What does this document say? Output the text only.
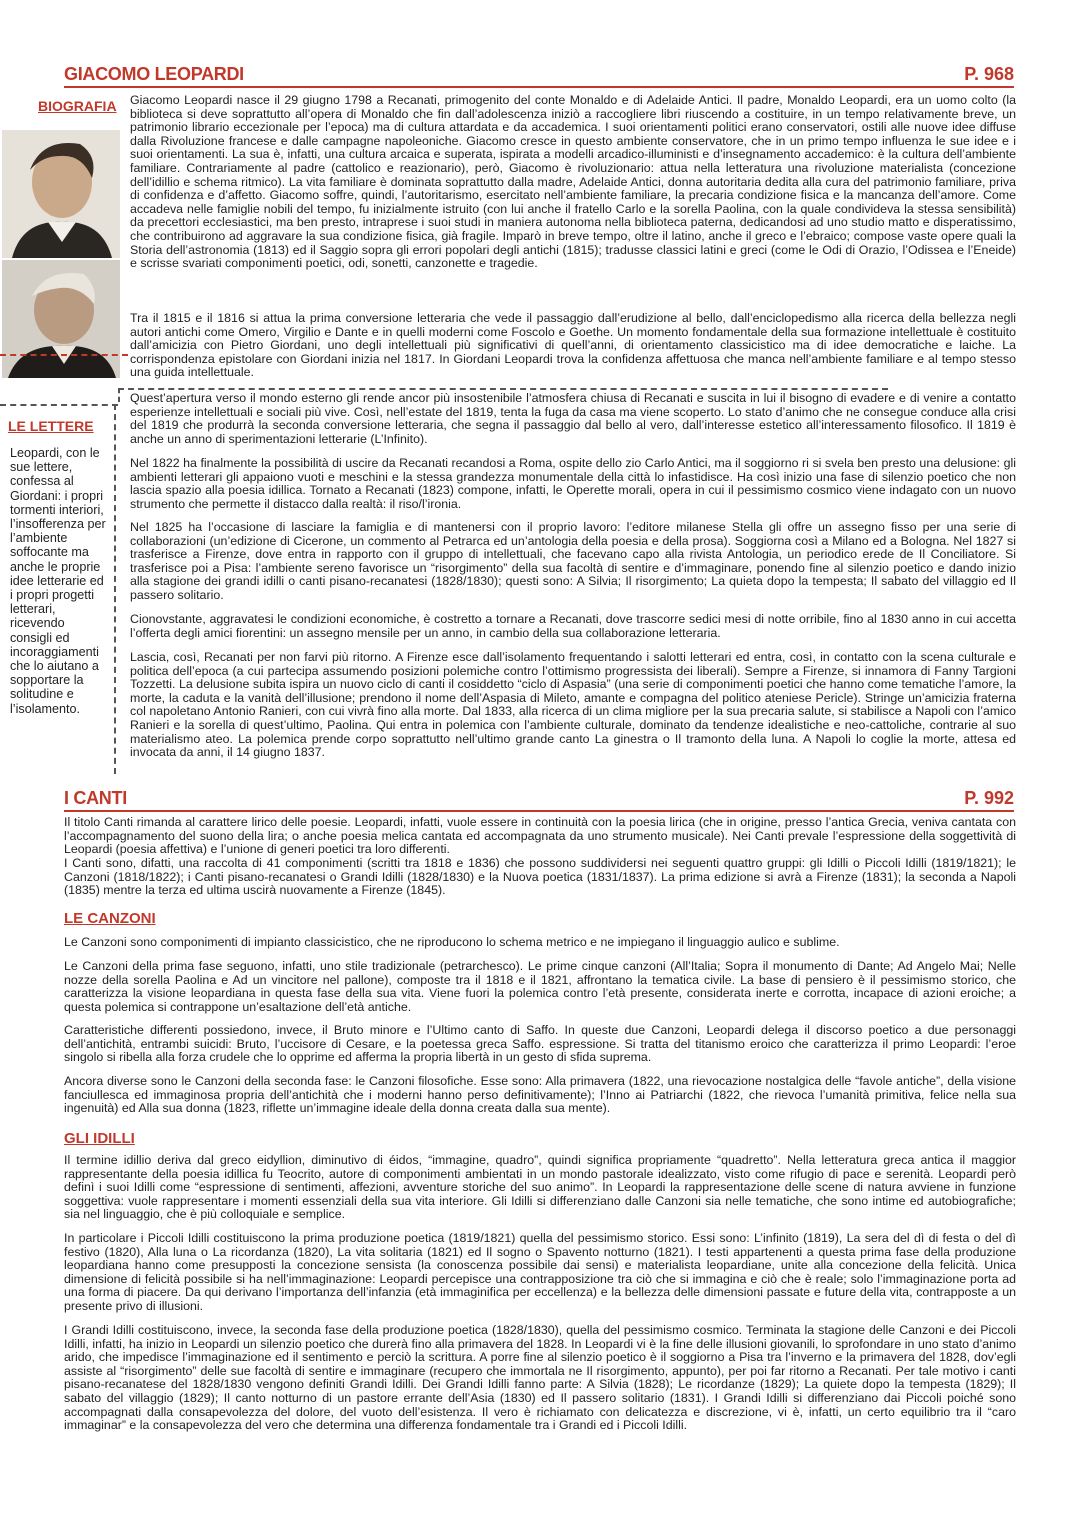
GIACOMO LEOPARDI	P. 968
BIOGRAFIA
LE LETTERE
Leopardi, con le sue lettere, confessa al Giordani: i propri tormenti interiori, l’insofferenza per l’ambiente soffocante ma anche le proprie idee letterarie ed i propri progetti letterari, ricevendo consigli ed incoraggiamenti che lo aiutano a sopportare la solitudine e l’isolamento.
Giacomo Leopardi nasce il 29 giugno 1798 a Recanati, primogenito del conte Monaldo e di Adelaide Antici. Il padre, Monaldo Leopardi, era un uomo colto (la biblioteca si deve soprattutto all’opera di Monaldo che fin dall’adolescenza iniziò a raccogliere libri riuscendo a costituire, in un tempo relativamente breve, un patrimonio librario eccezionale per l’epoca) ma di cultura attardata e da accademica. I suoi orientamenti politici erano conservatori, ostili alle nuove idee diffuse dalla Rivoluzione francese e dalle campagne napoleoniche. Giacomo cresce in questo ambiente conservatore, che in un primo tempo influenza le sue idee e i suoi orientamenti. La sua è, infatti, una cultura arcaica e superata, ispirata a modelli arcadico-illuministi e d’insegnamento accademico: è la cultura dell’ambiente familiare. Contrariamente al padre (cattolico e reazionario), però, Giacomo è rivoluzionario: attua nella letteratura una rivoluzione materialista (concezione dell’idillio e schema ritmico). La vita familiare è dominata soprattutto dalla madre, Adelaide Antici, donna autoritaria dedita alla cura del patrimonio familiare, priva di confidenza e d’affetto. Giacomo soffre, quindi, l’autoritarismo, esercitato nell’ambiente familiare, la precaria condizione fisica e la mancanza dell’amore. Come accadeva nelle famiglie nobili del tempo, fu inizialmente istruito (con lui anche il fratello Carlo e la sorella Paolina, con la quale condivideva la stessa sensibilità) da precettori ecclesiastici, ma ben presto, intraprese i suoi studi in maniera autonoma nella biblioteca paterna, dedicandosi ad uno studio matto e disperatissimo, che contribuirono ad aggravare la sua condizione fisica, già fragile. Imparò in breve tempo, oltre il latino, anche il greco e l’ebraico; compose vaste opere quali la Storia dell’astronomia (1813) ed il Saggio sopra gli errori popolari degli antichi (1815); tradusse classici latini e greci (come le Odi di Orazio, l’Odissea e l’Eneide) e scrisse svariati componimenti poetici, odi, sonetti, canzonette e tragedie.
Tra il 1815 e il 1816 si attua la prima conversione letteraria che vede il passaggio dall’erudizione al bello, dall’enciclopedismo alla ricerca della bellezza negli autori antichi come Omero, Virgilio e Dante e in quelli moderni come Foscolo e Goethe. Un momento fondamentale della sua formazione intellettuale è costituito dall’amicizia con Pietro Giordani, uno degli intellettuali più significativi di quell’anni, di orientamento classicistico ma di idee democratiche e laiche. La corrispondenza epistolare con Giordani inizia nel 1817. In Giordani Leopardi trova la confidenza affettuosa che manca nell’ambiente familiare e al tempo stesso una guida intellettuale.
Quest’apertura verso il mondo esterno gli rende ancor più insostenibile l’atmosfera chiusa di Recanati e suscita in lui il bisogno di evadere e di venire a contatto esperienze intellettuali e sociali più vive. Così, nell’estate del 1819, tenta la fuga da casa ma viene scoperto. Lo stato d’animo che ne consegue conduce alla crisi del 1819 che produrrà la seconda conversione letteraria, che segna il passaggio dal bello al vero, dall’interesse estetico all’interessamento filosofico. Il 1819 è anche un anno di sperimentazioni letterarie (L’Infinito).
Nel 1822 ha finalmente la possibilità di uscire da Recanati recandosi a Roma, ospite dello zio Carlo Antici, ma il soggiorno ri si svela ben presto una delusione: gli ambienti letterari gli appaiono vuoti e meschini e la stessa grandezza monumentale della città lo infastidisce. Ha così inizio una fase di silenzio poetico che non lascia spazio alla poesia idillica. Tornato a Recanati (1823) compone, infatti, le Operette morali, opera in cui il pessimismo cosmico viene indagato con un nuovo strumento che permette il distacco dalla realtà: il riso/l’ironia.
Nel 1825 ha l’occasione di lasciare la famiglia e di mantenersi con il proprio lavoro: l’editore milanese Stella gli offre un assegno fisso per una serie di collaborazioni (un’edizione di Cicerone, un commento al Petrarca ed un’antologia della poesia e della prosa). Soggiorna così a Milano ed a Bologna. Nel 1827 si trasferisce a Firenze, dove entra in rapporto con il gruppo di intellettuali, che facevano capo alla rivista Antologia, un periodico erede de Il Conciliatore. Si trasferisce poi a Pisa: l’ambiente sereno favorisce un “risorgimento” della sua facoltà di sentire e d’immaginare, ponendo fine al silenzio poetico e dando inizio alla stagione dei grandi idilli o canti pisano-recanatesi (1828/1830); questi sono: A Silvia; Il risorgimento; La quieta dopo la tempesta; Il sabato del villaggio ed Il passero solitario.
Cionovstante, aggravatesi le condizioni economiche, è costretto a tornare a Recanati, dove trascorre sedici mesi di notte orribile, fino al 1830 anno in cui accetta l’offerta degli amici fiorentini: un assegno mensile per un anno, in cambio della sua collaborazione letteraria.
Lascia, così, Recanati per non farvi più ritorno. A Firenze esce dall’isolamento frequentando i salotti letterari ed entra, così, in contatto con la scena culturale e politica dell’epoca (a cui partecipa assumendo posizioni polemiche contro l’ottimismo progressista dei liberali). Sempre a Firenze, si innamora di Fanny Targioni Tozzetti. La delusione subita ispira un nuovo ciclo di canti il cosiddetto “ciclo di Aspasia” (una serie di componimenti poetici che hanno come tematiche l’amore, la morte, la caduta e la vanità dell’illusione; prendono il nome dell’Aspasia di Mileto, amante e compagna del politico ateniese Pericle). Stringe un’amicizia fraterna col napoletano Antonio Ranieri, con cui vivrà fino alla morte. Dal 1833, alla ricerca di un clima migliore per la sua precaria salute, si stabilisce a Napoli con l’amico Ranieri e la sorella di quest’ultimo, Paolina. Qui entra in polemica con l’ambiente culturale, dominato da tendenze idealistiche e neo-cattoliche, contrarie al suo materialismo ateo. La polemica prende corpo soprattutto nell’ultimo grande canto La ginestra o Il tramonto della luna. A Napoli lo coglie la morte, attesa ed invocata da anni, il 14 giugno 1837.
I CANTI	P. 992
Il titolo Canti rimanda al carattere lirico delle poesie. Leopardi, infatti, vuole essere in continuità con la poesia lirica (che in origine, presso l’antica Grecia, veniva cantata con l’accompagnamento del suono della lira; o anche poesia melica cantata ed accompagnata da uno strumento musicale). Nei Canti prevale l’espressione della soggettività di Leopardi (poesia affettiva) e l’unione di generi poetici tra loro differenti.
I Canti sono, difatti, una raccolta di 41 componimenti (scritti tra 1818 e 1836) che possono suddividersi nei seguenti quattro gruppi: gli Idilli o Piccoli Idilli (1819/1821); le Canzoni (1818/1822); i Canti pisano-recanatesi o Grandi Idilli (1828/1830) e la Nuova poetica (1831/1837). La prima edizione si avrà a Firenze (1831); la seconda a Napoli (1835) mentre la terza ed ultima uscirà nuovamente a Firenze (1845).
LE CANZONI
Le Canzoni sono componimenti di impianto classicistico, che ne riproducono lo schema metrico e ne impiegano il linguaggio aulico e sublime.
Le Canzoni della prima fase seguono, infatti, uno stile tradizionale (petrarchesco). Le prime cinque canzoni (All’Italia; Sopra il monumento di Dante; Ad Angelo Mai; Nelle nozze della sorella Paolina e Ad un vincitore nel pallone), composte tra il 1818 e il 1821, affrontano la tematica civile. La base di pensiero è il pessimismo storico, che caratterizza la visione leopardiana in questa fase della sua vita. Viene fuori la polemica contro l’età presente, considerata inerte e corrotta, incapace di azioni eroiche; a questa polemica si contrappone un’esaltazione dell’età antiche.
Caratteristiche differenti possiedono, invece, il Bruto minore e l’Ultimo canto di Saffo. In queste due Canzoni, Leopardi delega il discorso poetico a due personaggi dell’antichità, entrambi suicidi: Bruto, l’uccisore di Cesare, e la poetessa greca Saffo. espressione. Si tratta del titanismo eroico che caratterizza il primo Leopardi: l’eroe singolo si ribella alla forza crudele che lo opprime ed afferma la propria libertà in un gesto di sfida suprema.
Ancora diverse sono le Canzoni della seconda fase: le Canzoni filosofiche. Esse sono: Alla primavera (1822, una rievocazione nostalgica delle “favole antiche”, della visione fanciullesca ed immaginosa propria dell’antichità che i moderni hanno perso definitivamente); l’Inno ai Patriarchi (1822, che rievoca l’umanità primitiva, felice nella sua ingenuità) ed Alla sua donna (1823, riflette un’immagine ideale della donna creata dalla sua mente).
GLI IDILLI
Il termine idillio deriva dal greco eidyllion, diminutivo di éidos, “immagine, quadro”, quindi significa propriamente “quadretto”. Nella letteratura greca antica il maggior rappresentante della poesia idillica fu Teocrito, autore di componimenti ambientati in un mondo pastorale idealizzato, visto come rifugio di pace e serenità. Leopardi però definì i suoi Idilli come “espressione di sentimenti, affezioni, avventure storiche del suo animo”. In Leopardi la rappresentazione delle scene di natura avviene in funzione soggettiva: vuole rappresentare i momenti essenziali della sua vita interiore. Gli Idilli si differenziano dalle Canzoni sia nelle tematiche, che sono intime ed autobiografiche; sia nel linguaggio, che è più colloquiale e semplice.
In particolare i Piccoli Idilli costituiscono la prima produzione poetica (1819/1821) quella del pessimismo storico. Essi sono: L’infinito (1819), La sera del dì di festa o del dì festivo (1820), Alla luna o La ricordanza (1820), La vita solitaria (1821) ed Il sogno o Spavento notturno (1821). I testi appartenenti a questa prima fase della produzione leopardiana hanno come presupposti la concezione sensista (la conoscenza possibile dai sensi) e materialista leopardiane, unite alla concezione della felicità. Unica dimensione di felicità possibile si ha nell’immaginazione: Leopardi percepisce una contrapposizione tra ciò che si immagina e ciò che è reale; solo l’immaginazione porta ad una forma di piacere. Da qui derivano l’importanza dell’infanzia (età immaginifica per eccellenza) e la bellezza delle dimensioni passate e future della vita, contrapposte a un presente privo di illusioni.
I Grandi Idilli costituiscono, invece, la seconda fase della produzione poetica (1828/1830), quella del pessimismo cosmico. Terminata la stagione delle Canzoni e dei Piccoli Idilli, infatti, ha inizio in Leopardi un silenzio poetico che durerà fino alla primavera del 1828. In Leopardi vi è la fine delle illusioni giovanili, lo sprofondare in uno stato d’animo arido, che impedisce l’immaginazione ed il sentimento e perciò la scrittura. A porre fine al silenzio poetico è il soggiorno a Pisa tra l’inverno e la primavera del 1828, dov’egli assiste al “risorgimento” delle sue facoltà di sentire e immaginare (recupero che immortala ne Il risorgimento, appunto), per poi far ritorno a Recanati. Per tale motivo i canti pisano-recanatese del 1828/1830 vengono definiti Grandi Idilli. Dei Grandi Idilli fanno parte: A Silvia (1828); Le ricordanze (1829); La quiete dopo la tempesta (1829); Il sabato del villaggio (1829); Il canto notturno di un pastore errante dell’Asia (1830) ed Il passero solitario (1831). I Grandi Idilli si differenziano dai Piccoli poiché sono accompagnati dalla consapevolezza del dolore, del vuoto dell’esistenza. Il vero è richiamato con delicatezza e discrezione, vi è, infatti, un certo equilibrio tra il “caro immaginar” e la consapevolezza del vero che determina una differenza fondamentale tra i Grandi ed i Piccoli Idilli.
